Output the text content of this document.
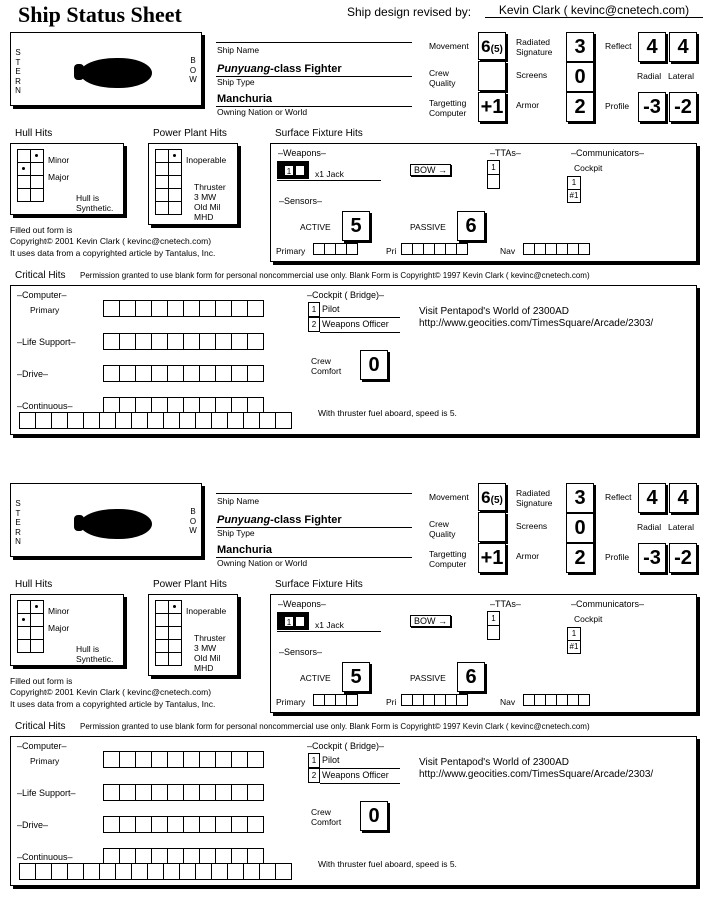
Ship Status Sheet	Ship design revised by:	Kevin Clark ( kevinc@cnetech.com)
S
T
E
R
N
B
O
W
Ship Name
Punyuang-class Fighter
Ship Type
Manchuria
Owning Nation or World
Movement 6(5)
Crew Quality
Targetting Computer +1
Radiated Signature	3
Screens	0
Armor	2
Reflect 4 4
Radial Lateral
Profile -3 -2
Hull Hits
Minor
Major
Hull is Synthetic.
Power Plant Hits
Inoperable
Thruster
3 MW
Old Mil
MHD
Filled out form is
Copyright© 2001 Kevin Clark ( kevinc@cnetech.com)
It uses data from a copyrighted article by Tantalus, Inc.
Surface Fixture Hits
–Weapons–
1	x1 Jack	BOW →
–TTAs–
1
–Communicators–
Cockpit
1
#1
–Sensors–
ACTIVE 5	PASSIVE 6
Primary	Pri	Nav
Critical Hits Permission granted to use blank form for personal noncommercial use only. Blank Form is Copyright© 1997 Kevin Clark ( kevinc@cnetech.com)
–Computer–
Primary
–Life Support–
–Drive–
–Continuous–
–Cockpit ( Bridge)–
1 Pilot
2 Weapons Officer
Crew Comfort	0
Visit Pentapod's World of 2300AD
http://www.geocities.com/TimesSquare/Arcade/2303/
With thruster fuel aboard, speed is 5.
S
T
E
R
N
B
O
W
Ship Name
Punyuang-class Fighter
Ship Type
Manchuria
Owning Nation or World
Movement 6(5)
Crew Quality
Targetting Computer +1
Radiated Signature	3
Screens	0
Armor	2
Reflect 4 4
Radial Lateral
Profile -3 -2
Hull Hits
Minor
Major
Hull is Synthetic.
Power Plant Hits
Inoperable
Thruster
3 MW
Old Mil
MHD
Filled out form is
Copyright© 2001 Kevin Clark ( kevinc@cnetech.com)
It uses data from a copyrighted article by Tantalus, Inc.
Surface Fixture Hits
–Weapons–
1	x1 Jack	BOW →
–TTAs–
1
–Communicators–
Cockpit
1
#1
–Sensors–
ACTIVE 5	PASSIVE 6
Primary	Pri	Nav
Critical Hits Permission granted to use blank form for personal noncommercial use only. Blank Form is Copyright© 1997 Kevin Clark ( kevinc@cnetech.com)
–Computer–
Primary
–Life Support–
–Drive–
–Continuous–
–Cockpit ( Bridge)–
1 Pilot
2 Weapons Officer
Crew Comfort	0
Visit Pentapod's World of 2300AD
http://www.geocities.com/TimesSquare/Arcade/2303/
With thruster fuel aboard, speed is 5.
